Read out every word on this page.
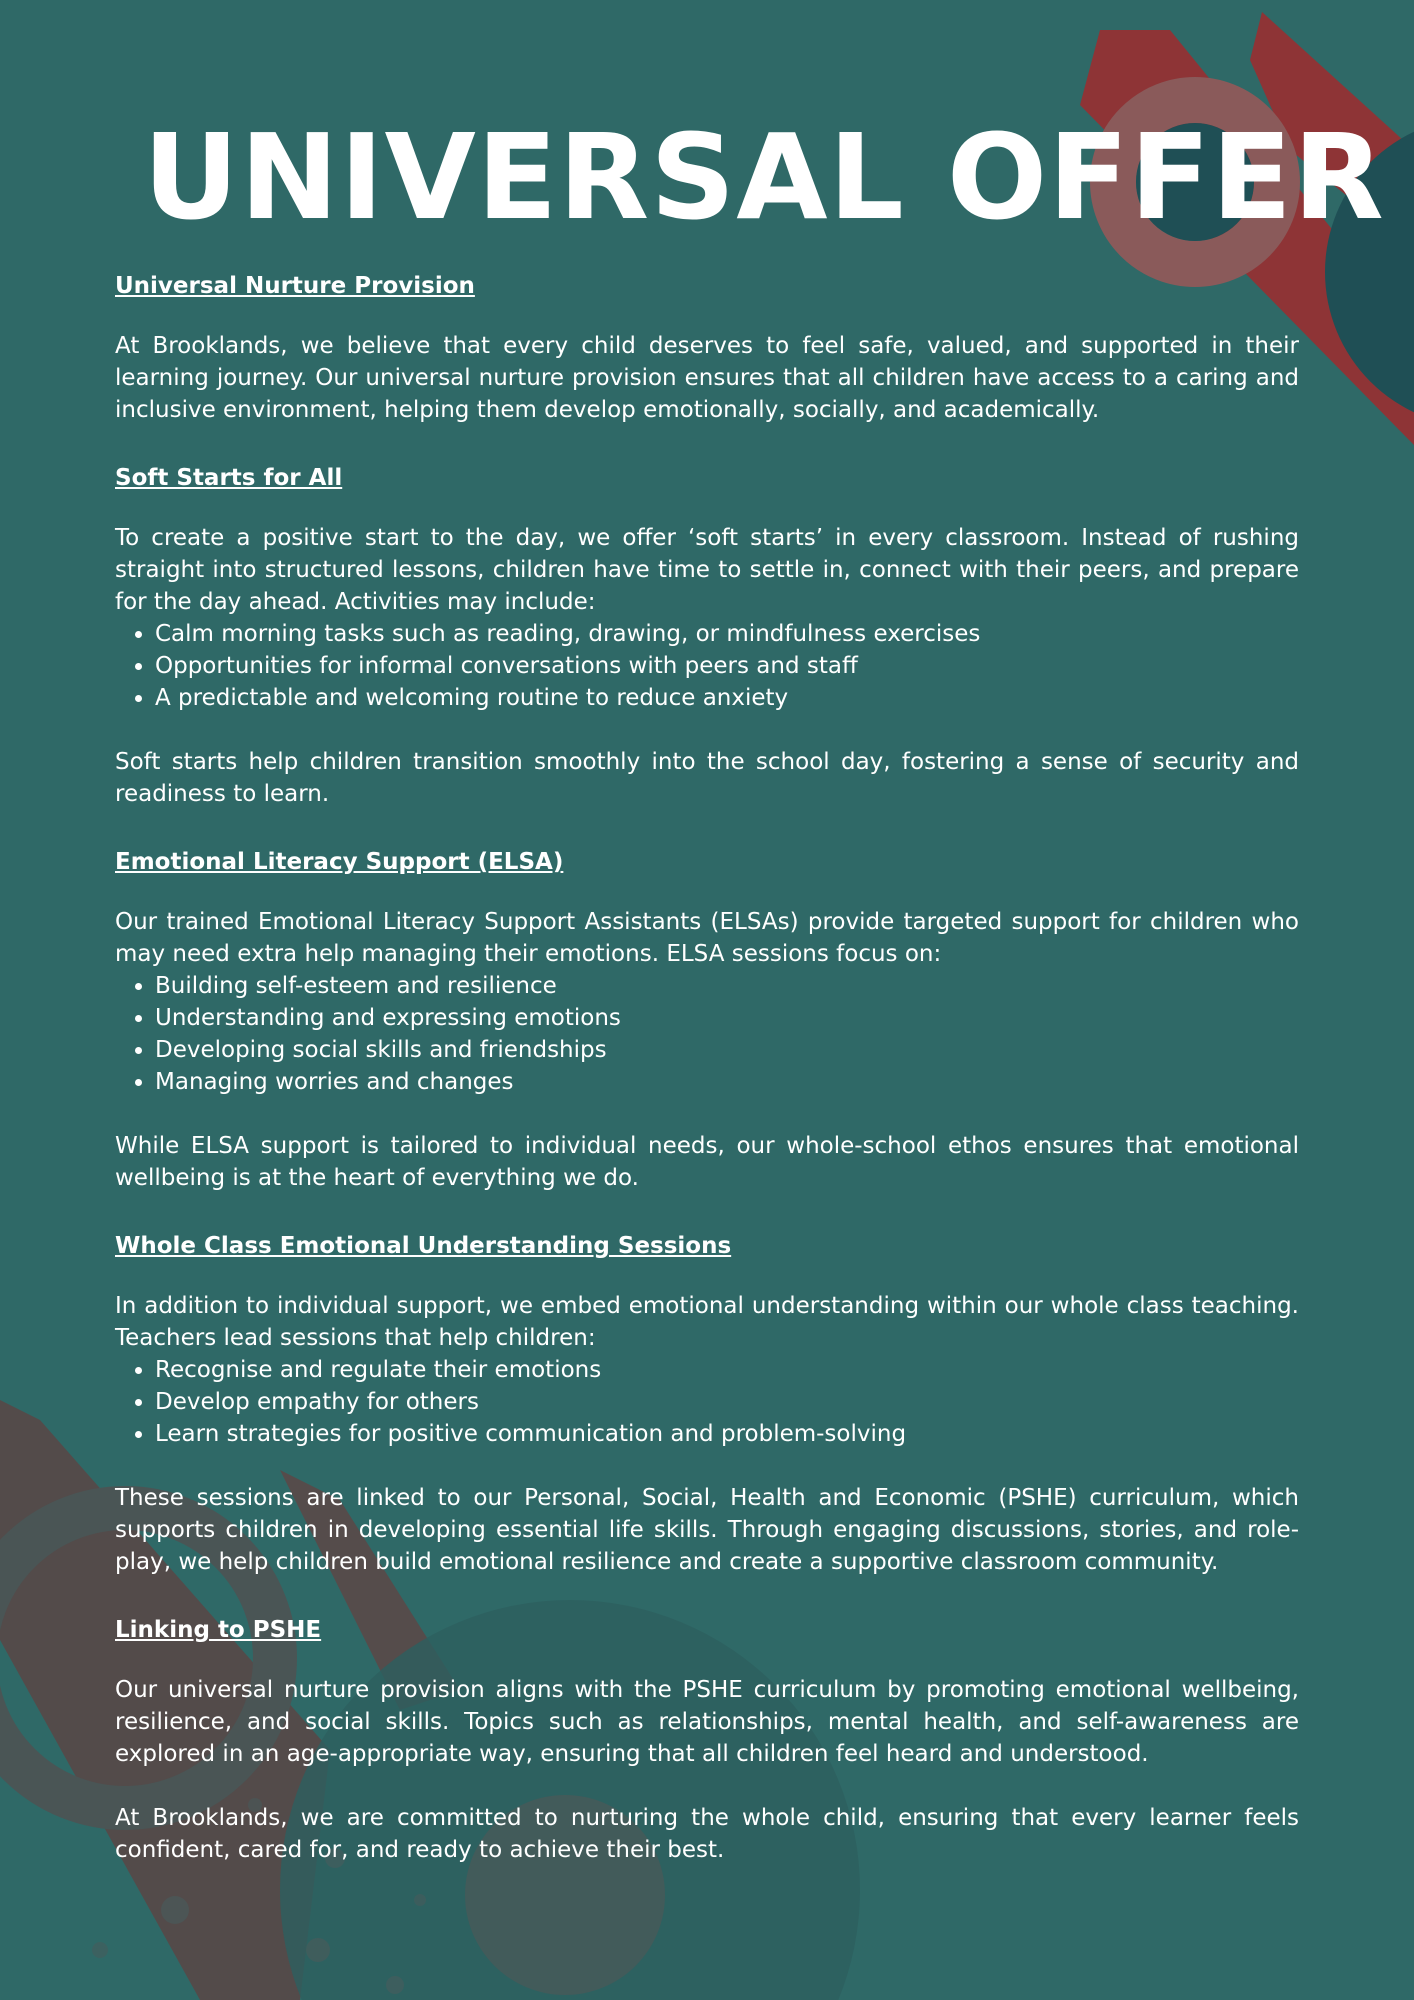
UNIVERSAL OFFER
Universal Nurture Provision

At Brooklands, we believe that every child deserves to feel safe, valued, and supported in their learning journey. Our universal nurture provision ensures that all children have access to a caring and inclusive environment, helping them develop emotionally, socially, and academically.

Soft Starts for All

To create a positive start to the day, we offer ‘soft starts’ in every classroom. Instead of rushing straight into structured lessons, children have time to settle in, connect with their peers, and prepare for the day ahead. Activities may include:

• Calm morning tasks such as reading, drawing, or mindfulness exercises
• Opportunities for informal conversations with peers and staff
• A predictable and welcoming routine to reduce anxiety

Soft starts help children transition smoothly into the school day, fostering a sense of security and readiness to learn.

Emotional Literacy Support (ELSA)

Our trained Emotional Literacy Support Assistants (ELSAs) provide targeted support for children who may need extra help managing their emotions. ELSA sessions focus on:

• Building self-esteem and resilience
• Understanding and expressing emotions
• Developing social skills and friendships
• Managing worries and changes

While ELSA support is tailored to individual needs, our whole-school ethos ensures that emotional wellbeing is at the heart of everything we do.

Whole Class Emotional Understanding Sessions

In addition to individual support, we embed emotional understanding within our whole class teaching. Teachers lead sessions that help children:

• Recognise and regulate their emotions
• Develop empathy for others
• Learn strategies for positive communication and problem-solving

These sessions are linked to our Personal, Social, Health and Economic (PSHE) curriculum, which supports children in developing essential life skills. Through engaging discussions, stories, and role-play, we help children build emotional resilience and create a supportive classroom community.

Linking to PSHE

Our universal nurture provision aligns with the PSHE curriculum by promoting emotional wellbeing, resilience, and social skills. Topics such as relationships, mental health, and self-awareness are explored in an age-appropriate way, ensuring that all children feel heard and understood.

At Brooklands, we are committed to nurturing the whole child, ensuring that every learner feels confident, cared for, and ready to achieve their best.
